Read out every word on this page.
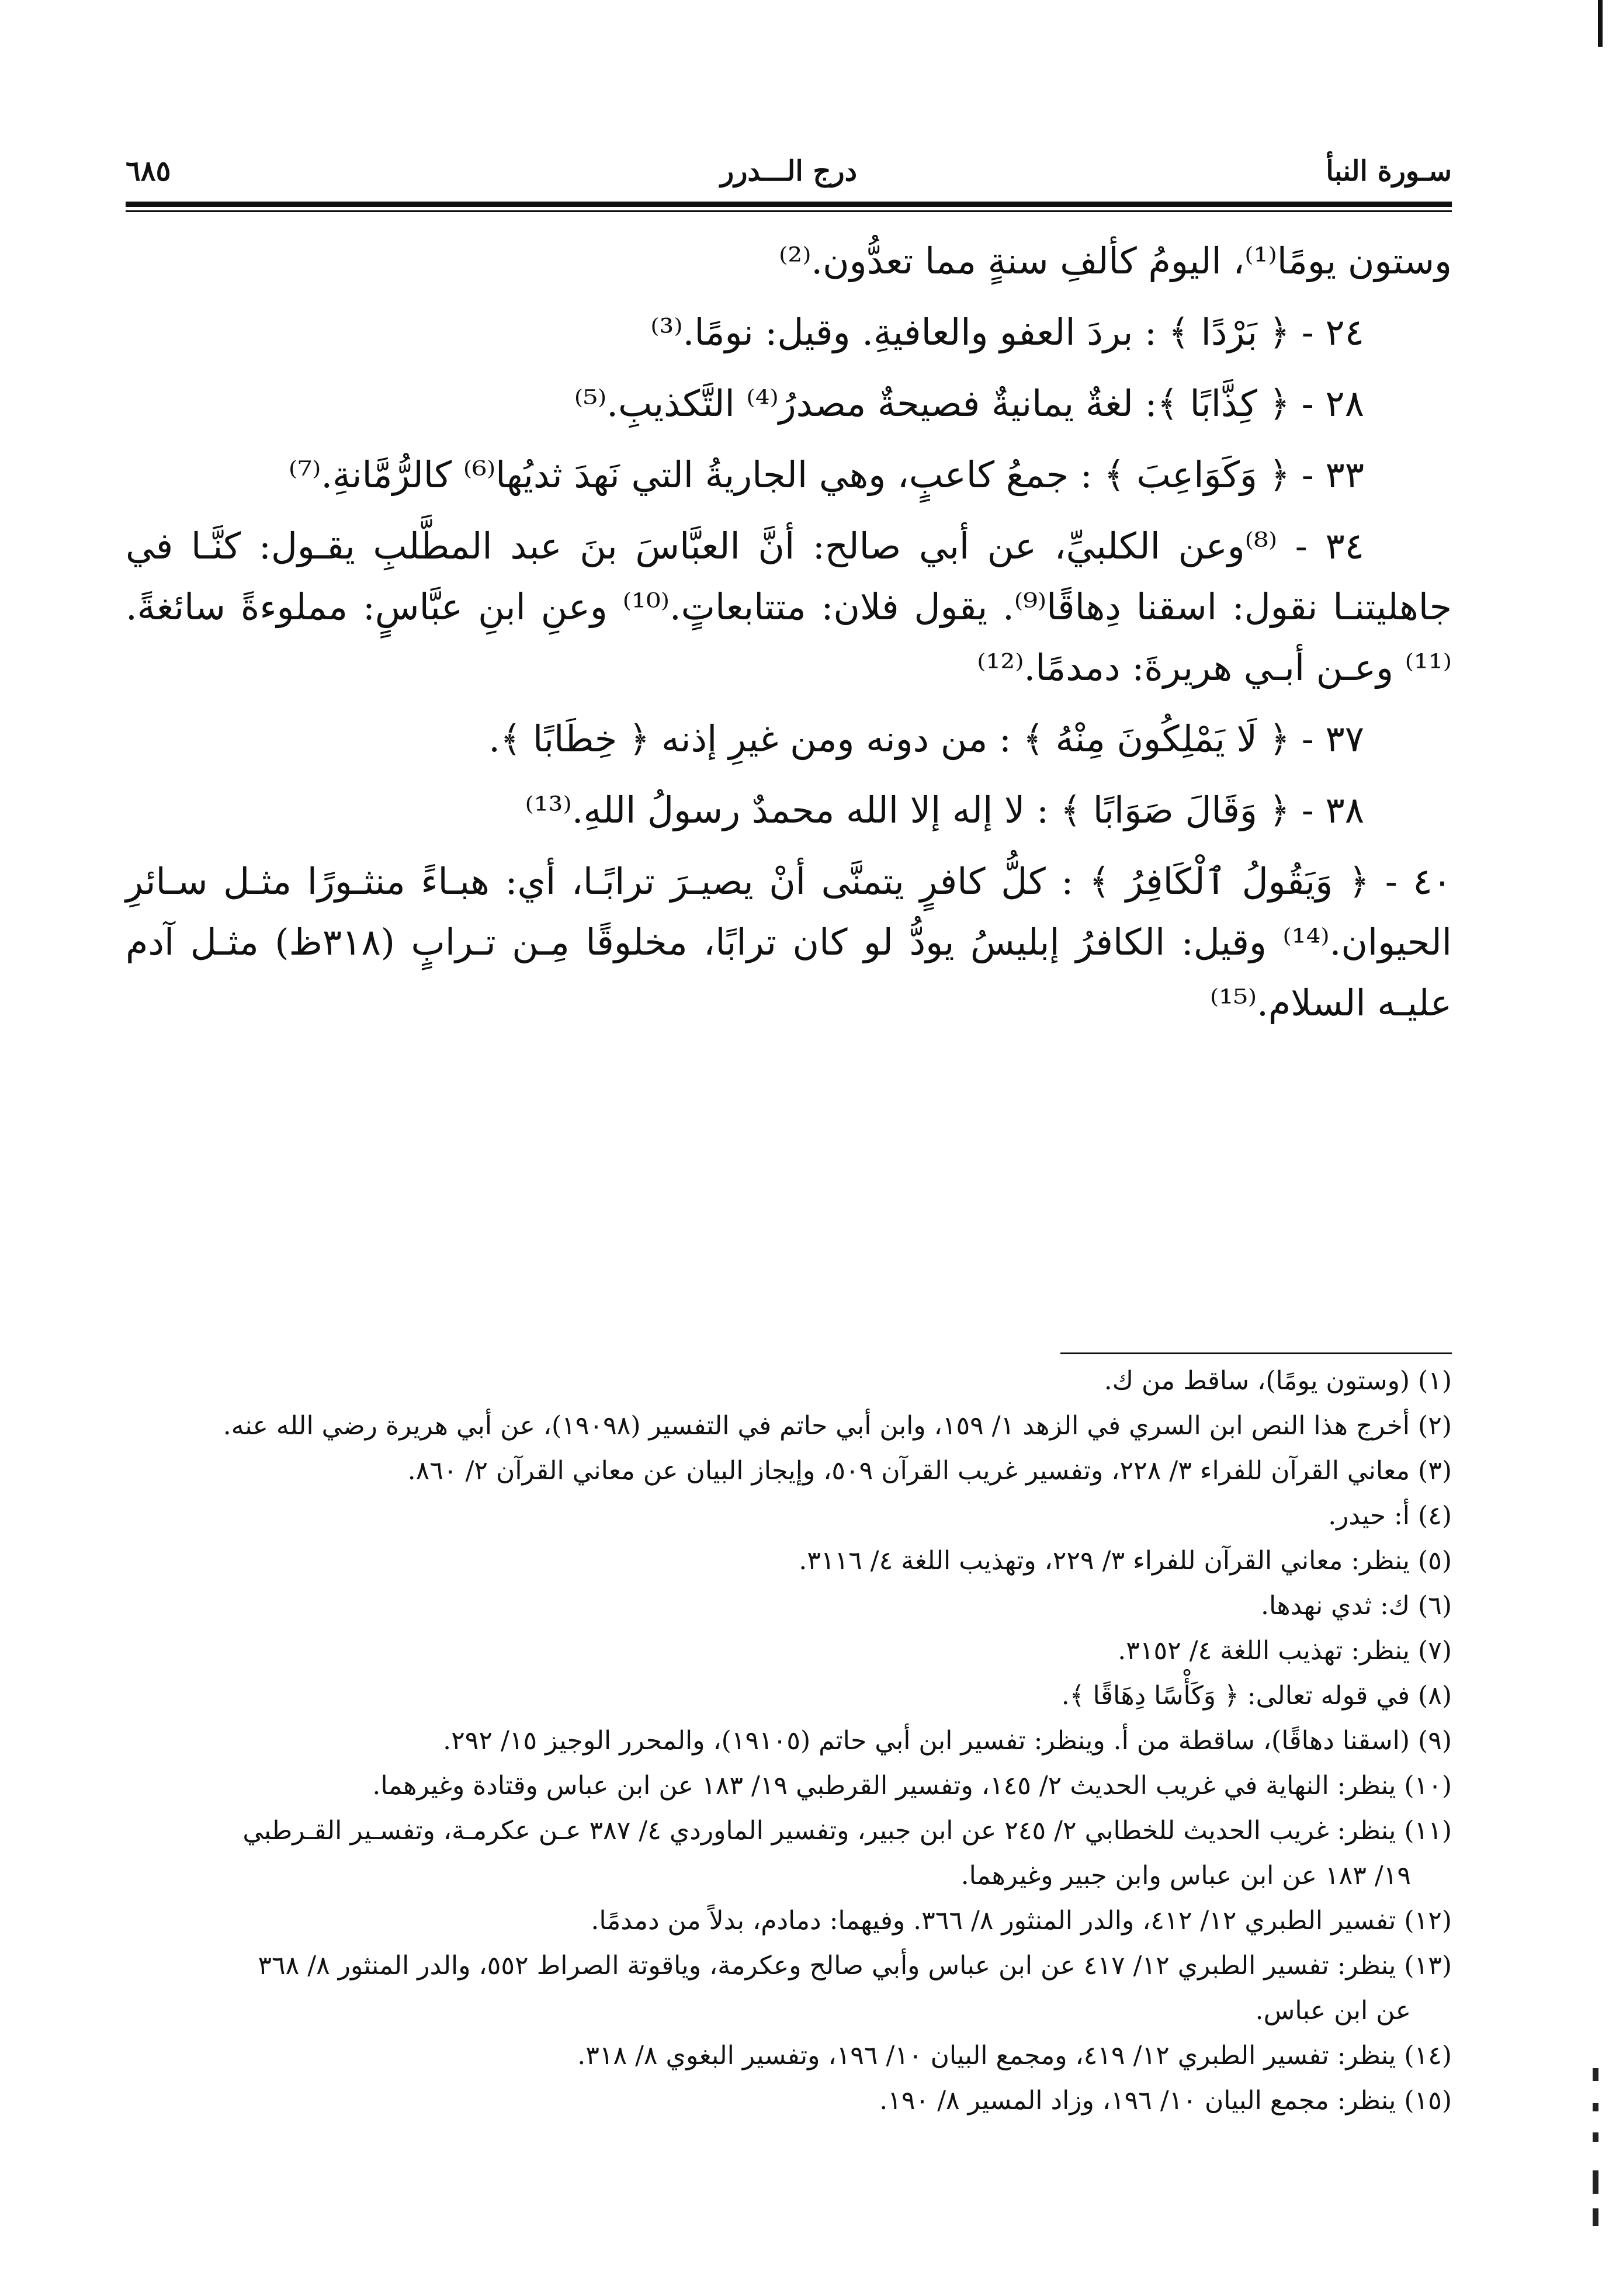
سـورة النبأ
درج الـــدرر
٦٨٥

وستون يومًا⁽¹⁾، اليومُ كألفِ سنةٍ مما تعدُّون.⁽²⁾

٢٤ - ﴿ بَرْدًا ﴾ : بردَ العفو والعافيةِ. وقيل: نومًا.⁽³⁾

٢٨ - ﴿ كِذَّابًا ﴾: لغةٌ يمانيةٌ فصيحةٌ مصدرُ⁽⁴⁾ التَّكذيبِ.⁽⁵⁾

٣٣ - ﴿ وَكَوَاعِبَ ﴾ : جمعُ كاعبٍ، وهي الجاريةُ التي نَهدَ ثديُها⁽⁶⁾ كالرُّمَّانةِ.⁽⁷⁾

٣٤ - ⁽⁸⁾وعن الكلبيِّ، عن أبي صالح: أنَّ العبَّاسَ بنَ عبد المطَّلبِ يقـول: كنَّـا في جاهليتنـا نقول: اسقنا دِهاقًا⁽⁹⁾. يقول فلان: متتابعاتٍ.⁽¹⁰⁾ وعنِ ابنِ عبَّاسٍ: مملوءةً سائغةً.⁽¹¹⁾ وعـن أبـي هريرةَ: دمدمًا.⁽¹²⁾

٣٧ - ﴿ لَا يَمْلِكُونَ مِنْهُ ﴾ : من دونه ومن غيرِ إذنه ﴿ خِطَابًا ﴾.

٣٨ - ﴿ وَقَالَ صَوَابًا ﴾ : لا إله إلا الله محمدٌ رسولُ اللهِ.⁽¹³⁾

٤٠ - ﴿ وَيَقُولُ ٱلْكَافِرُ ﴾ : كلُّ كافرٍ يتمنَّى أنْ يصيـرَ ترابًـا، أي: هبـاءً منثـورًا مثـل سـائرِ الحيوان.⁽¹⁴⁾ وقيل: الكافرُ إبليسُ يودُّ لو كان ترابًا، مخلوقًا مِـن تـرابٍ (٣١٨ظ) مثـل آدم عليـه السلام.⁽¹⁵⁾

(١) (وستون يومًا)، ساقط من ك.

(٢) أخرج هذا النص ابن السري في الزهد ١/ ١٥٩، وابن أبي حاتم في التفسير (١٩٠٩٨)، عن أبي هريرة رضي الله عنه.

(٣) معاني القرآن للفراء ٣/ ٢٢٨، وتفسير غريب القرآن ٥٠٩، وإيجاز البيان عن معاني القرآن ٢/ ٨٦٠.

(٤) أ: حيدر.

(٥) ينظر: معاني القرآن للفراء ٣/ ٢٢٩، وتهذيب اللغة ٤/ ٣١١٦.

(٦) ك: ثدي نهدها.

(٧) ينظر: تهذيب اللغة ٤/ ٣١٥٢.

(٨) في قوله تعالى: ﴿ وَكَأْسًا دِهَاقًا ﴾.

(٩) (اسقنا دهاقًا)، ساقطة من أ. وينظر: تفسير ابن أبي حاتم (١٩١٠٥)، والمحرر الوجيز ١٥/ ٢٩٢.

(١٠) ينظر: النهاية في غريب الحديث ٢/ ١٤٥، وتفسير القرطبي ١٩/ ١٨٣ عن ابن عباس وقتادة وغيرهما.

(١١) ينظر: غريب الحديث للخطابي ٢/ ٢٤٥ عن ابن جبير، وتفسير الماوردي ٤/ ٣٨٧ عـن عكرمـة، وتفسـير القـرطبي
١٩/ ١٨٣ عن ابن عباس وابن جبير وغيرهما.

(١٢) تفسير الطبري ١٢/ ٤١٢، والدر المنثور ٨/ ٣٦٦. وفيهما: دمادم، بدلاً من دمدمًا.

(١٣) ينظر: تفسير الطبري ١٢/ ٤١٧ عن ابن عباس وأبي صالح وعكرمة، وياقوتة الصراط ٥٥٢، والدر المنثور ٨/ ٣٦٨
عن ابن عباس.

(١٤) ينظر: تفسير الطبري ١٢/ ٤١٩، ومجمع البيان ١٠/ ١٩٦، وتفسير البغوي ٨/ ٣١٨.

(١٥) ينظر: مجمع البيان ١٠/ ١٩٦، وزاد المسير ٨/ ١٩٠.
